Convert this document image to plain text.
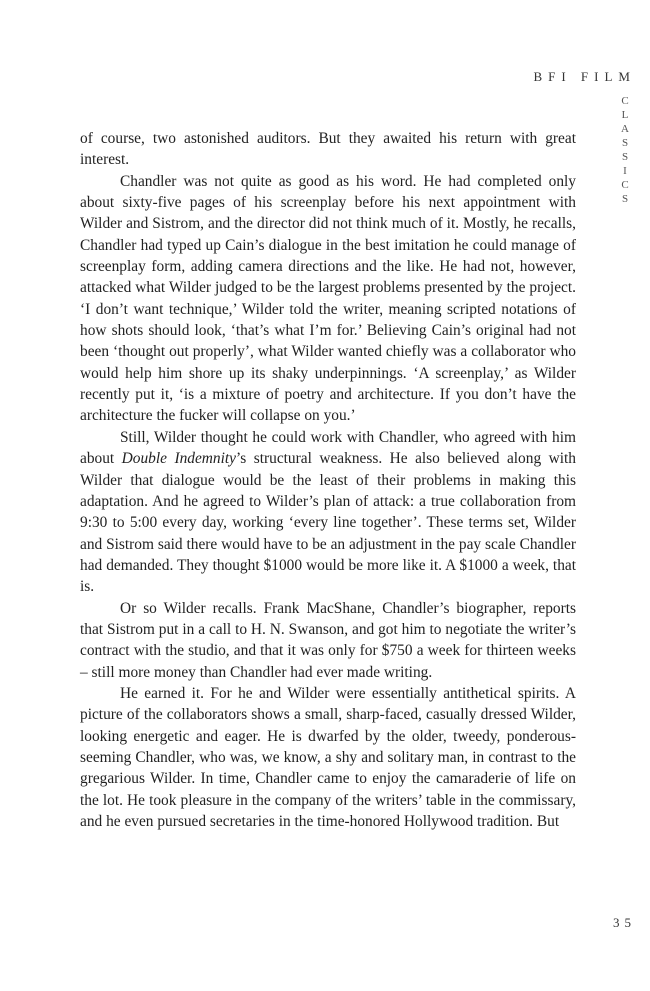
BFI FILM
C
L
A
S
S
I
C
S

of course, two astonished auditors. But they awaited his return with great interest.

Chandler was not quite as good as his word. He had completed only about sixty-five pages of his screenplay before his next appointment with Wilder and Sistrom, and the director did not think much of it. Mostly, he recalls, Chandler had typed up Cain’s dialogue in the best imitation he could manage of screenplay form, adding camera directions and the like. He had not, however, attacked what Wilder judged to be the largest problems presented by the project. ‘I don’t want technique,’ Wilder told the writer, meaning scripted notations of how shots should look, ‘that’s what I’m for.’ Believing Cain’s original had not been ‘thought out properly’, what Wilder wanted chiefly was a collaborator who would help him shore up its shaky underpinnings. ‘A screenplay,’ as Wilder recently put it, ‘is a mixture of poetry and architecture. If you don’t have the architecture the fucker will collapse on you.’

Still, Wilder thought he could work with Chandler, who agreed with him about Double Indemnity’s structural weakness. He also believed along with Wilder that dialogue would be the least of their problems in making this adaptation. And he agreed to Wilder’s plan of attack: a true collaboration from 9:30 to 5:00 every day, working ‘every line together’. These terms set, Wilder and Sistrom said there would have to be an adjustment in the pay scale Chandler had demanded. They thought $1000 would be more like it. A $1000 a week, that is.

Or so Wilder recalls. Frank MacShane, Chandler’s biographer, reports that Sistrom put in a call to H. N. Swanson, and got him to negotiate the writer’s contract with the studio, and that it was only for $750 a week for thirteen weeks – still more money than Chandler had ever made writing.

He earned it. For he and Wilder were essentially antithetical spirits. A picture of the collaborators shows a small, sharp-faced, casually dressed Wilder, looking energetic and eager. He is dwarfed by the older, tweedy, ponderous-seeming Chandler, who was, we know, a shy and solitary man, in contrast to the gregarious Wilder. In time, Chandler came to enjoy the camaraderie of life on the lot. He took pleasure in the company of the writers’ table in the commissary, and he even pursued secretaries in the time-honored Hollywood tradition. But

35
